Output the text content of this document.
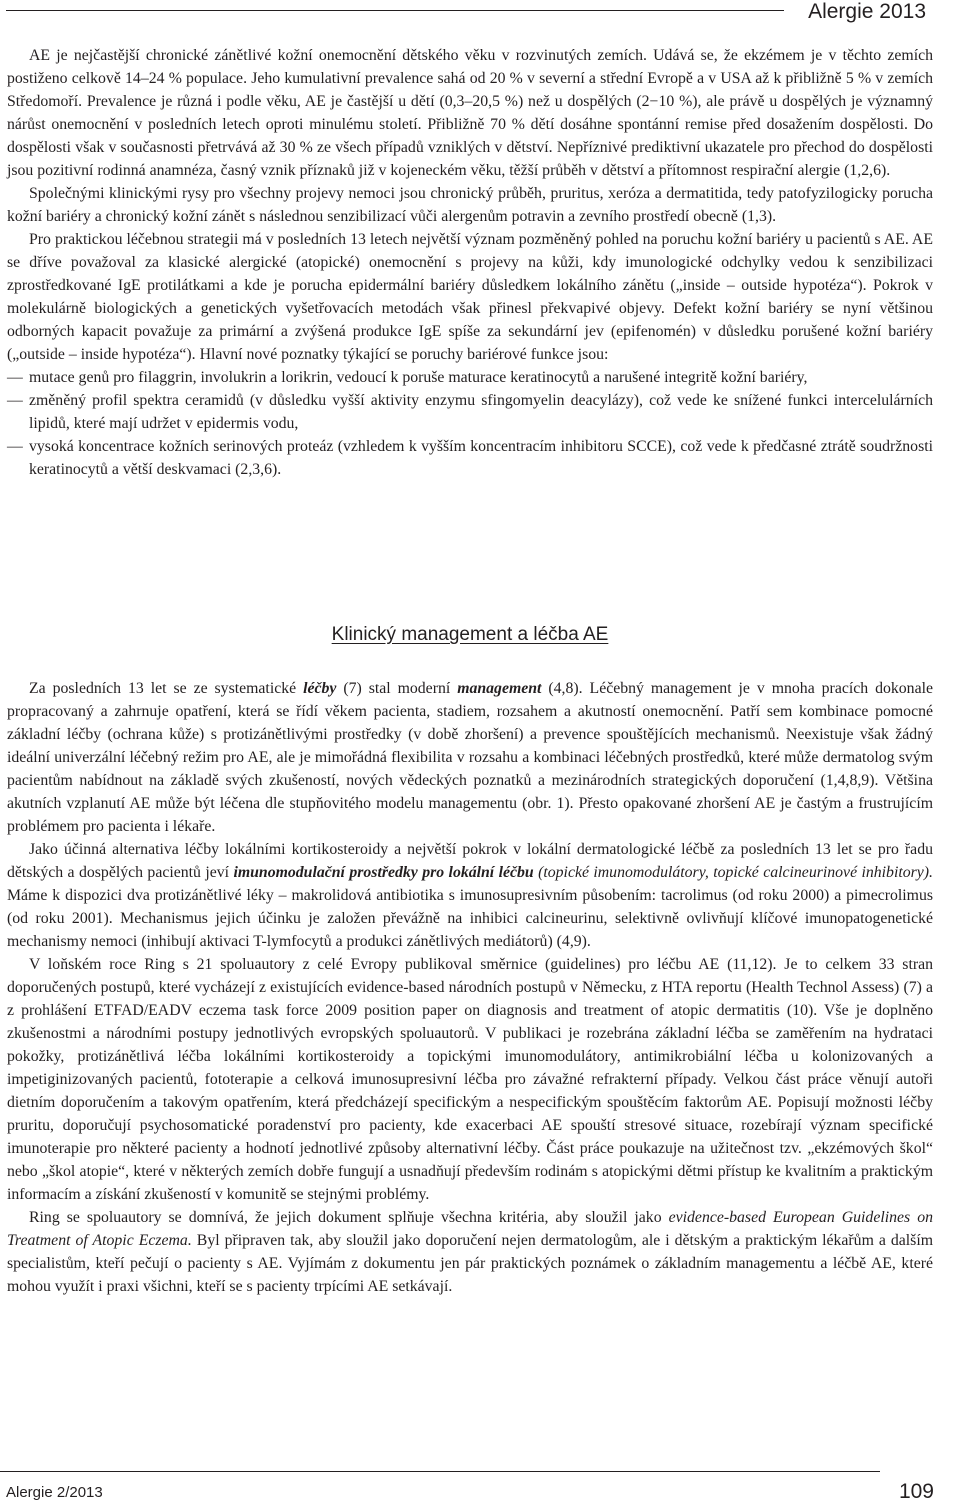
Alergie 2013

AE je nejčastější chronické zánětlivé kožní onemocnění dětského věku v rozvinutých zemích. Udává se, že ekzémem je v těchto zemích postiženo celkově 14–24 % populace. Jeho kumulativní prevalence sahá od 20 % v severní a střední Evropě a v USA až k přibližně 5 % v zemích Středomoří. Prevalence je různá i podle věku, AE je častější u dětí (0,3–20,5 %) než u dospělých (2−10 %), ale právě u dospělých je významný nárůst onemocnění v posledních letech oproti minulému století. Přibližně 70 % dětí dosáhne spontánní remise před dosažením dospělosti. Do dospělosti však v současnosti přetrvává až 30 % ze všech případů vzniklých v dětství. Nepříznivé prediktivní ukazatele pro přechod do dospělosti jsou pozitivní rodinná anamnéza, časný vznik příznaků již v kojeneckém věku, těžší průběh v dětství a přítomnost respirační alergie (1,2,6).

Společnými klinickými rysy pro všechny projevy nemoci jsou chronický průběh, pruritus, xeróza a dermatitida, tedy patofyzilogicky porucha kožní bariéry a chronický kožní zánět s následnou senzibilizací vůči alergenům potravin a zevního prostředí obecně (1,3).

Pro praktickou léčebnou strategii má v posledních 13 letech největší význam pozměněný pohled na poruchu kožní bariéry u pacientů s AE. AE se dříve považoval za klasické alergické (atopické) onemocnění s projevy na kůži, kdy imunologické odchylky vedou k senzibilizaci zprostředkované IgE protilátkami a kde je porucha epidermální bariéry důsledkem lokálního zánětu („inside – outside hypotéza“). Pokrok v molekulárně biologických a genetických vyšetřovacích metodách však přinesl překvapivé objevy. Defekt kožní bariéry se nyní většinou odborných kapacit považuje za primární a zvýšená produkce IgE spíše za sekundární jev (epifenomén) v důsledku porušené kožní bariéry („outside – inside hypotéza“). Hlavní nové poznatky týkající se poruchy bariérové funkce jsou:

— mutace genů pro filaggrin, involukrin a lorikrin, vedoucí k poruše maturace keratinocytů a narušené integritě kožní bariéry,
— změněný profil spektra ceramidů (v důsledku vyšší aktivity enzymu sfingomyelin deacylázy), což vede ke snížené funkci intercelulárních lipidů, které mají udržet v epidermis vodu,
— vysoká koncentrace kožních serinových proteáz (vzhledem k vyšším koncentracím inhibitoru SCCE), což vede k předčasné ztrátě soudržnosti keratinocytů a větší deskvamaci (2,3,6).
Klinický management a léčba AE

Za posledních 13 let se ze systematické léčby (7) stal moderní management (4,8). Léčebný management je v mnoha pracích dokonale propracovaný a zahrnuje opatření, která se řídí věkem pacienta, stadiem, rozsahem a akutností onemocnění. Patří sem kombinace pomocné základní léčby (ochrana kůže) s protizánětlivými prostředky (v době zhoršení) a prevence spouštějících mechanismů. Neexistuje však žádný ideální univerzální léčebný režim pro AE, ale je mimořádná flexibilita v rozsahu a kombinaci léčebných prostředků, které může dermatolog svým pacientům nabídnout na základě svých zkušeností, nových vědeckých poznatků a mezinárodních strategických doporučení (1,4,8,9). Většina akutních vzplanutí AE může být léčena dle stupňovitého modelu managementu (obr. 1). Přesto opakované zhoršení AE je častým a frustrujícím problémem pro pacienta i lékaře.

Jako účinná alternativa léčby lokálními kortikosteroidy a největší pokrok v lokální dermatologické léčbě za posledních 13 let se pro řadu dětských a dospělých pacientů jeví imunomodulační prostředky pro lokální léčbu (topické imunomodulátory, topické calcineurinové inhibitory). Máme k dispozici dva protizánětlivé léky – makrolidová antibiotika s imunosupresivním působením: tacrolimus (od roku 2000) a pimecrolimus (od roku 2001). Mechanismus jejich účinku je založen převážně na inhibici calcineurinu, selektivně ovlivňují klíčové imunopatogenetické mechanismy nemoci (inhibují aktivaci T-lymfocytů a produkci zánětlivých mediátorů) (4,9).

V loňském roce Ring s 21 spoluautory z celé Evropy publikoval směrnice (guidelines) pro léčbu AE (11,12). Je to celkem 33 stran doporučených postupů, které vycházejí z existujících evidence-based národních postupů v Německu, z HTA reportu (Health Technol Assess) (7) a z prohlášení ETFAD/EADV eczema task force 2009 position paper on diagnosis and treatment of atopic dermatitis (10). Vše je doplněno zkušenostmi a národními postupy jednotlivých evropských spoluautorů. V publikaci je rozebrána základní léčba se zaměřením na hydrataci pokožky, protizánětlivá léčba lokálními kortikosteroidy a topickými imunomodulátory, antimikrobiální léčba u kolonizovaných a impetiginizovaných pacientů, fototerapie a celková imunosupresivní léčba pro závažné refrakterní případy. Velkou část práce věnují autoři dietním doporučením a takovým opatřením, která předcházejí specifickým a nespecifickým spouštěcím faktorům AE. Popisují možnosti léčby pruritu, doporučují psychosomatické poradenství pro pacienty, kde exacerbaci AE spouští stresové situace, rozebírají význam specifické imunoterapie pro některé pacienty a hodnotí jednotlivé způsoby alternativní léčby. Část práce poukazuje na užitečnost tzv. „ekzémových škol“ nebo „škol atopie“, které v některých zemích dobře fungují a usnadňují především rodinám s atopickými dětmi přístup ke kvalitním a praktickým informacím a získání zkušeností v komunitě se stejnými problémy.

Ring se spoluautory se domnívá, že jejich dokument splňuje všechna kritéria, aby sloužil jako evidence-based European Guidelines on Treatment of Atopic Eczema. Byl připraven tak, aby sloužil jako doporučení nejen dermatologům, ale i dětským a praktickým lékařům a dalším specialistům, kteří pečují o pacienty s AE. Vyjímám z dokumentu jen pár praktických poznámek o základním managementu a léčbě AE, které mohou využít i praxi všichni, kteří se s pacienty trpícími AE setkávají.

Alergie 2/2013	109
